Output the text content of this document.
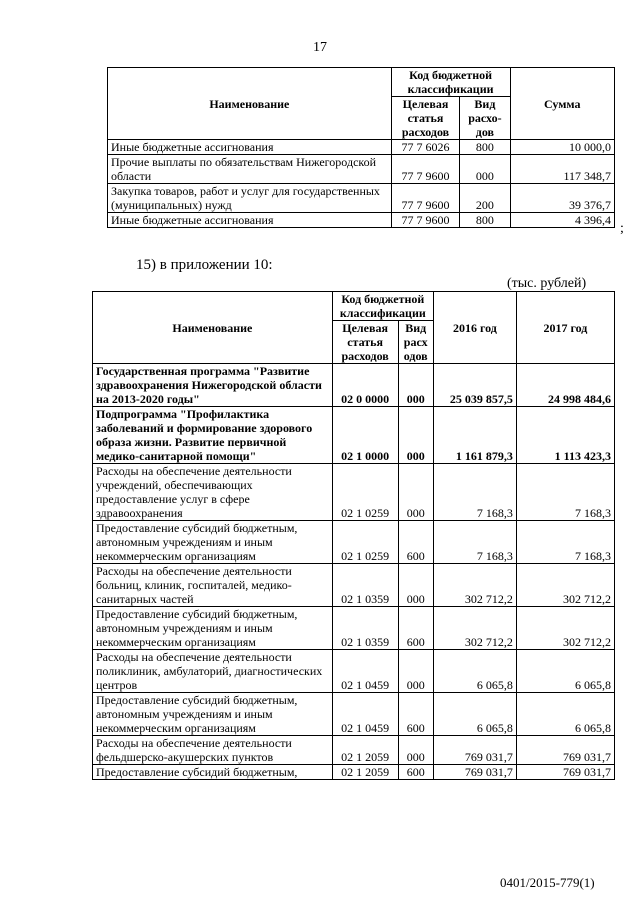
17
Наименование	Код бюджетной классификации		Сумма
	Целевая статья расходов	Вид расхо-дов	
Иные бюджетные ассигнования	77 7 6026	800	10 000,0
Прочие выплаты по обязательствам Нижегородской области	77 7 9600	000	117 348,7
Закупка товаров, работ и услуг для государственных (муниципальных) нужд	77 7 9600	200	39 376,7
Иные бюджетные ассигнования	77 7 9600	800	4 396,4
;
15) в приложении 10:
(тыс. рублей)
Наименование	Код бюджетной классификации		2016 год	2017 год
	Целевая статья расходов	Вид расх одов		
Государственная программа "Развитие здравоохранения Нижегородской области на 2013-2020 годы"	02 0 0000	000	25 039 857,5	24 998 484,6
Подпрограмма "Профилактика заболеваний и формирование здорового образа жизни. Развитие первичной медико-санитарной помощи"	02 1 0000	000	1 161 879,3	1 113 423,3
Расходы на обеспечение деятельности учреждений, обеспечивающих предоставление услуг в сфере здравоохранения	02 1 0259	000	7 168,3	7 168,3
Предоставление субсидий бюджетным, автономным учреждениям и иным некоммерческим организациям	02 1 0259	600	7 168,3	7 168,3
Расходы на обеспечение деятельности больниц, клиник, госпиталей, медико-санитарных частей	02 1 0359	000	302 712,2	302 712,2
Предоставление субсидий бюджетным, автономным учреждениям и иным некоммерческим организациям	02 1 0359	600	302 712,2	302 712,2
Расходы на обеспечение деятельности поликлиник, амбулаторий, диагностических центров	02 1 0459	000	6 065,8	6 065,8
Предоставление субсидий бюджетным, автономным учреждениям и иным некоммерческим организациям	02 1 0459	600	6 065,8	6 065,8
Расходы на обеспечение деятельности фельдшерско-акушерских пунктов	02 1 2059	000	769 031,7	769 031,7
Предоставление субсидий бюджетным,	02 1 2059	600	769 031,7	769 031,7
0401/2015-779(1)
